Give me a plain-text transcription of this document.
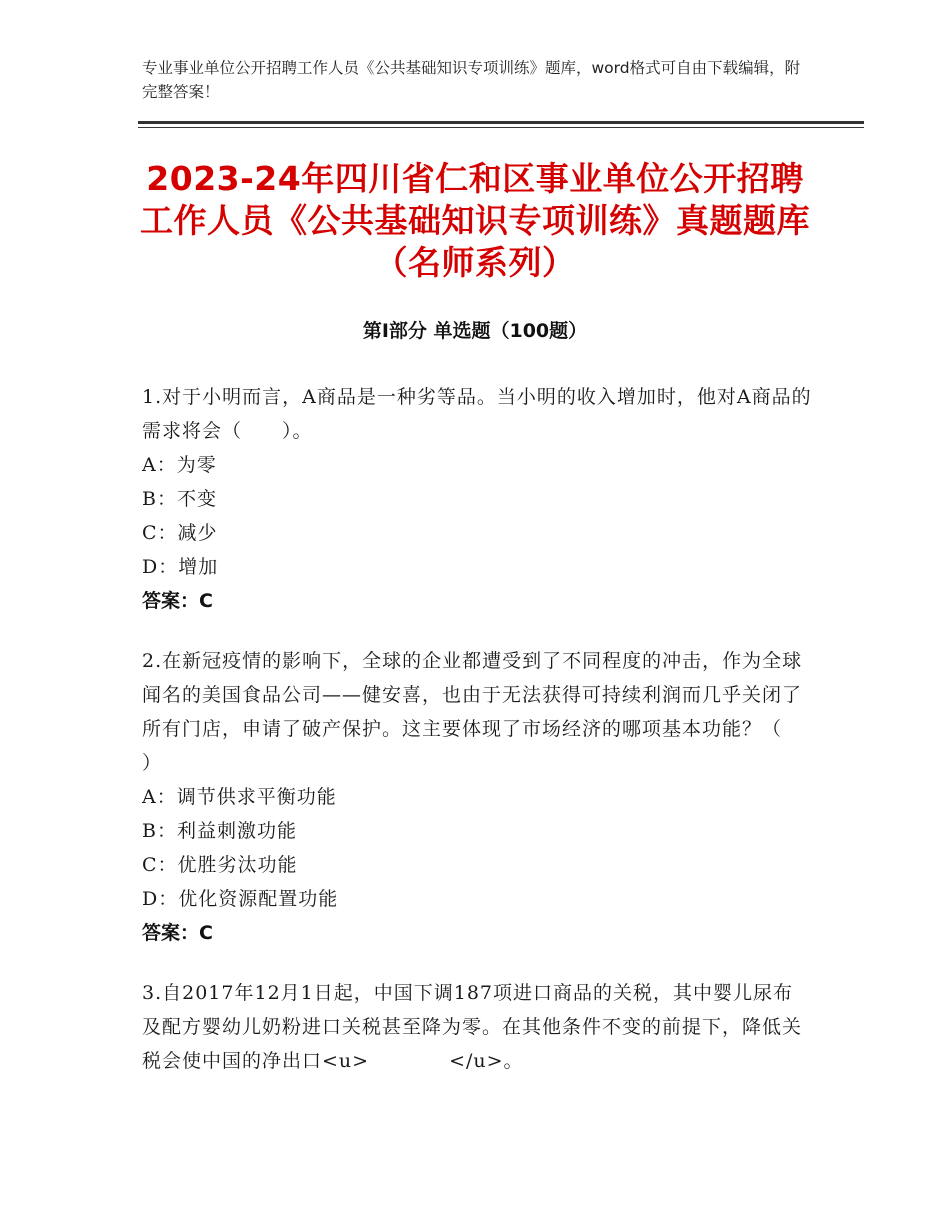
专业事业单位公开招聘工作人员《公共基础知识专项训练》题库，word格式可自由下载编辑，附完整答案！
2023-24年四川省仁和区事业单位公开招聘工作人员《公共基础知识专项训练》真题题库（名师系列）
第Ⅰ部分 单选题（100题）

1.对于小明而言，A商品是一种劣等品。当小明的收入增加时，他对A商品的需求将会（　　）。

A：为零

B：不变

C：减少

D：增加

答案：C

2.在新冠疫情的影响下，全球的企业都遭受到了不同程度的冲击，作为全球闻名的美国食品公司——健安喜，也由于无法获得可持续利润而几乎关闭了所有门店，申请了破产保护。这主要体现了市场经济的哪项基本功能？（　　）

A：调节供求平衡功能

B：利益刺激功能

C：优胜劣汰功能

D：优化资源配置功能

答案：C

3.自2017年12月1日起，中国下调187项进口商品的关税，其中婴儿尿布及配方婴幼儿奶粉进口关税甚至降为零。在其他条件不变的前提下，降低关税会使中国的净出口<u>　　　　</u>。
